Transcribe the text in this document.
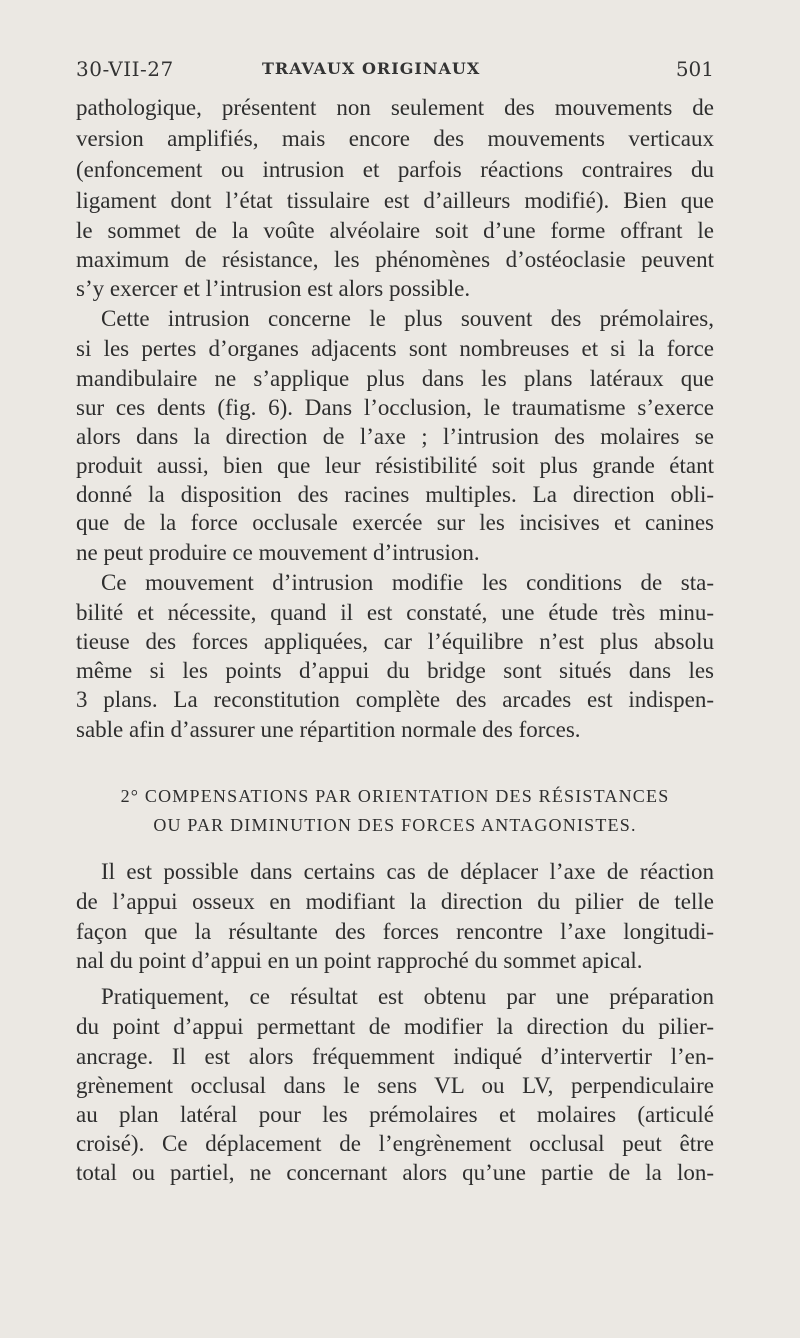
30-VII-27	TRAVAUX ORIGINAUX	501
pathologique, présentent non seulement des mouvements de
version amplifiés, mais encore des mouvements verticaux
(enfoncement ou intrusion et parfois réactions contraires du
ligament dont l’état tissulaire est d’ailleurs modifié). Bien que
le sommet de la voûte alvéolaire soit d’une forme offrant le
maximum de résistance, les phénomènes d’ostéoclasie peuvent
s’y exercer et l’intrusion est alors possible.
Cette intrusion concerne le plus souvent des prémolaires,
si les pertes d’organes adjacents sont nombreuses et si la force
mandibulaire ne s’applique plus dans les plans latéraux que
sur ces dents (fig. 6). Dans l’occlusion, le traumatisme s’exerce
alors dans la direction de l’axe ; l’intrusion des molaires se
produit aussi, bien que leur résistibilité soit plus grande étant
donné la disposition des racines multiples. La direction obli-
que de la force occlusale exercée sur les incisives et canines
ne peut produire ce mouvement d’intrusion.
Ce mouvement d’intrusion modifie les conditions de sta-
bilité et nécessite, quand il est constaté, une étude très minu-
tieuse des forces appliquées, car l’équilibre n’est plus absolu
même si les points d’appui du bridge sont situés dans les
3 plans. La reconstitution complète des arcades est indispen-
sable afin d’assurer une répartition normale des forces.
2° COMPENSATIONS PAR ORIENTATION DES RÉSISTANCES
OU PAR DIMINUTION DES FORCES ANTAGONISTES.
Il est possible dans certains cas de déplacer l’axe de réaction
de l’appui osseux en modifiant la direction du pilier de telle
façon que la résultante des forces rencontre l’axe longitudi-
nal du point d’appui en un point rapproché du sommet apical.
Pratiquement, ce résultat est obtenu par une préparation
du point d’appui permettant de modifier la direction du pilier-
ancrage. Il est alors fréquemment indiqué d’intervertir l’en-
grènement occlusal dans le sens VL ou LV, perpendiculaire
au plan latéral pour les prémolaires et molaires (articulé
croisé). Ce déplacement de l’engrènement occlusal peut être
total ou partiel, ne concernant alors qu’une partie de la lon-
